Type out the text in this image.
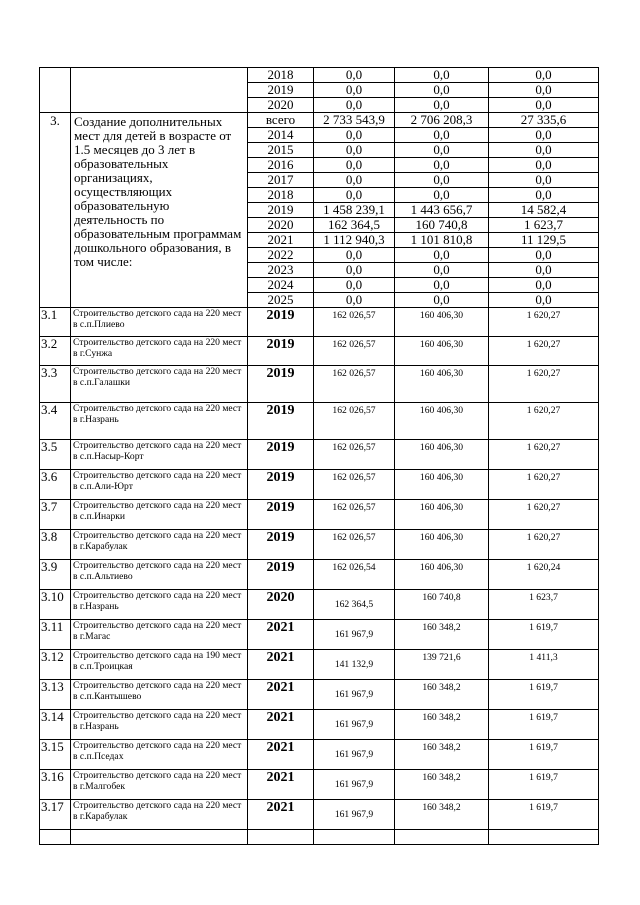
		2018	0,0	0,0	0,0
		2019	0,0	0,0	0,0
		2020	0,0	0,0	0,0
3.	Создание дополнительных мест для детей в возрасте от 1.5 месяцев до 3 лет в образовательных организациях, осуществляющих образовательную деятельность по образовательным программам дошкольного образования, в том числе:	всего	2 733 543,9	2 706 208,3	27 335,6
		2014	0,0	0,0	0,0
		2015	0,0	0,0	0,0
		2016	0,0	0,0	0,0
		2017	0,0	0,0	0,0
		2018	0,0	0,0	0,0
		2019	1 458 239,1	1 443 656,7	14 582,4
		2020	162 364,5	160 740,8	1 623,7
		2021	1 112 940,3	1 101 810,8	11 129,5
		2022	0,0	0,0	0,0
		2023	0,0	0,0	0,0
		2024	0,0	0,0	0,0
		2025	0,0	0,0	0,0
3.1	Строительство детского сада на 220 мест в с.п.Плиево	2019	162 026,57	160 406,30	1 620,27
3.2	Строительство детского сада на 220 мест в г.Сунжа	2019	162 026,57	160 406,30	1 620,27
3.3	Строительство детского сада на 220 мест в с.п.Галашки	2019	162 026,57	160 406,30	1 620,27
3.4	Строительство детского сада на 220 мест в г.Назрань	2019	162 026,57	160 406,30	1 620,27
3.5	Строительство детского сада на 220 мест в с.п.Насыр-Корт	2019	162 026,57	160 406,30	1 620,27
3.6	Строительство детского сада на 220 мест в с.п.Али-Юрт	2019	162 026,57	160 406,30	1 620,27
3.7	Строительство детского сада на 220 мест в с.п.Инарки	2019	162 026,57	160 406,30	1 620,27
3.8	Строительство детского сада на 220 мест в г.Карабулак	2019	162 026,57	160 406,30	1 620,27
3.9	Строительство детского сада на 220 мест в с.п.Альтиево	2019	162 026,54	160 406,30	1 620,24
3.10	Строительство детского сада на 220 мест в г.Назрань	2020	162 364,5	160 740,8	1 623,7
3.11	Строительство детского сада на 220 мест в г.Магас	2021	161 967,9	160 348,2	1 619,7
3.12	Строительство детского сада на 190 мест в с.п.Троицкая	2021	141 132,9	139 721,6	1 411,3
3.13	Строительство детского сада на 220 мест в с.п.Кантышево	2021	161 967,9	160 348,2	1 619,7
3.14	Строительство детского сада на 220 мест в г.Назрань	2021	161 967,9	160 348,2	1 619,7
3.15	Строительство детского сада на 220 мест в с.п.Пседах	2021	161 967,9	160 348,2	1 619,7
3.16	Строительство детского сада на 220 мест в г.Малгобек	2021	161 967,9	160 348,2	1 619,7
3.17	Строительство детского сада на 220 мест в г.Карабулак	2021	161 967,9	160 348,2	1 619,7
